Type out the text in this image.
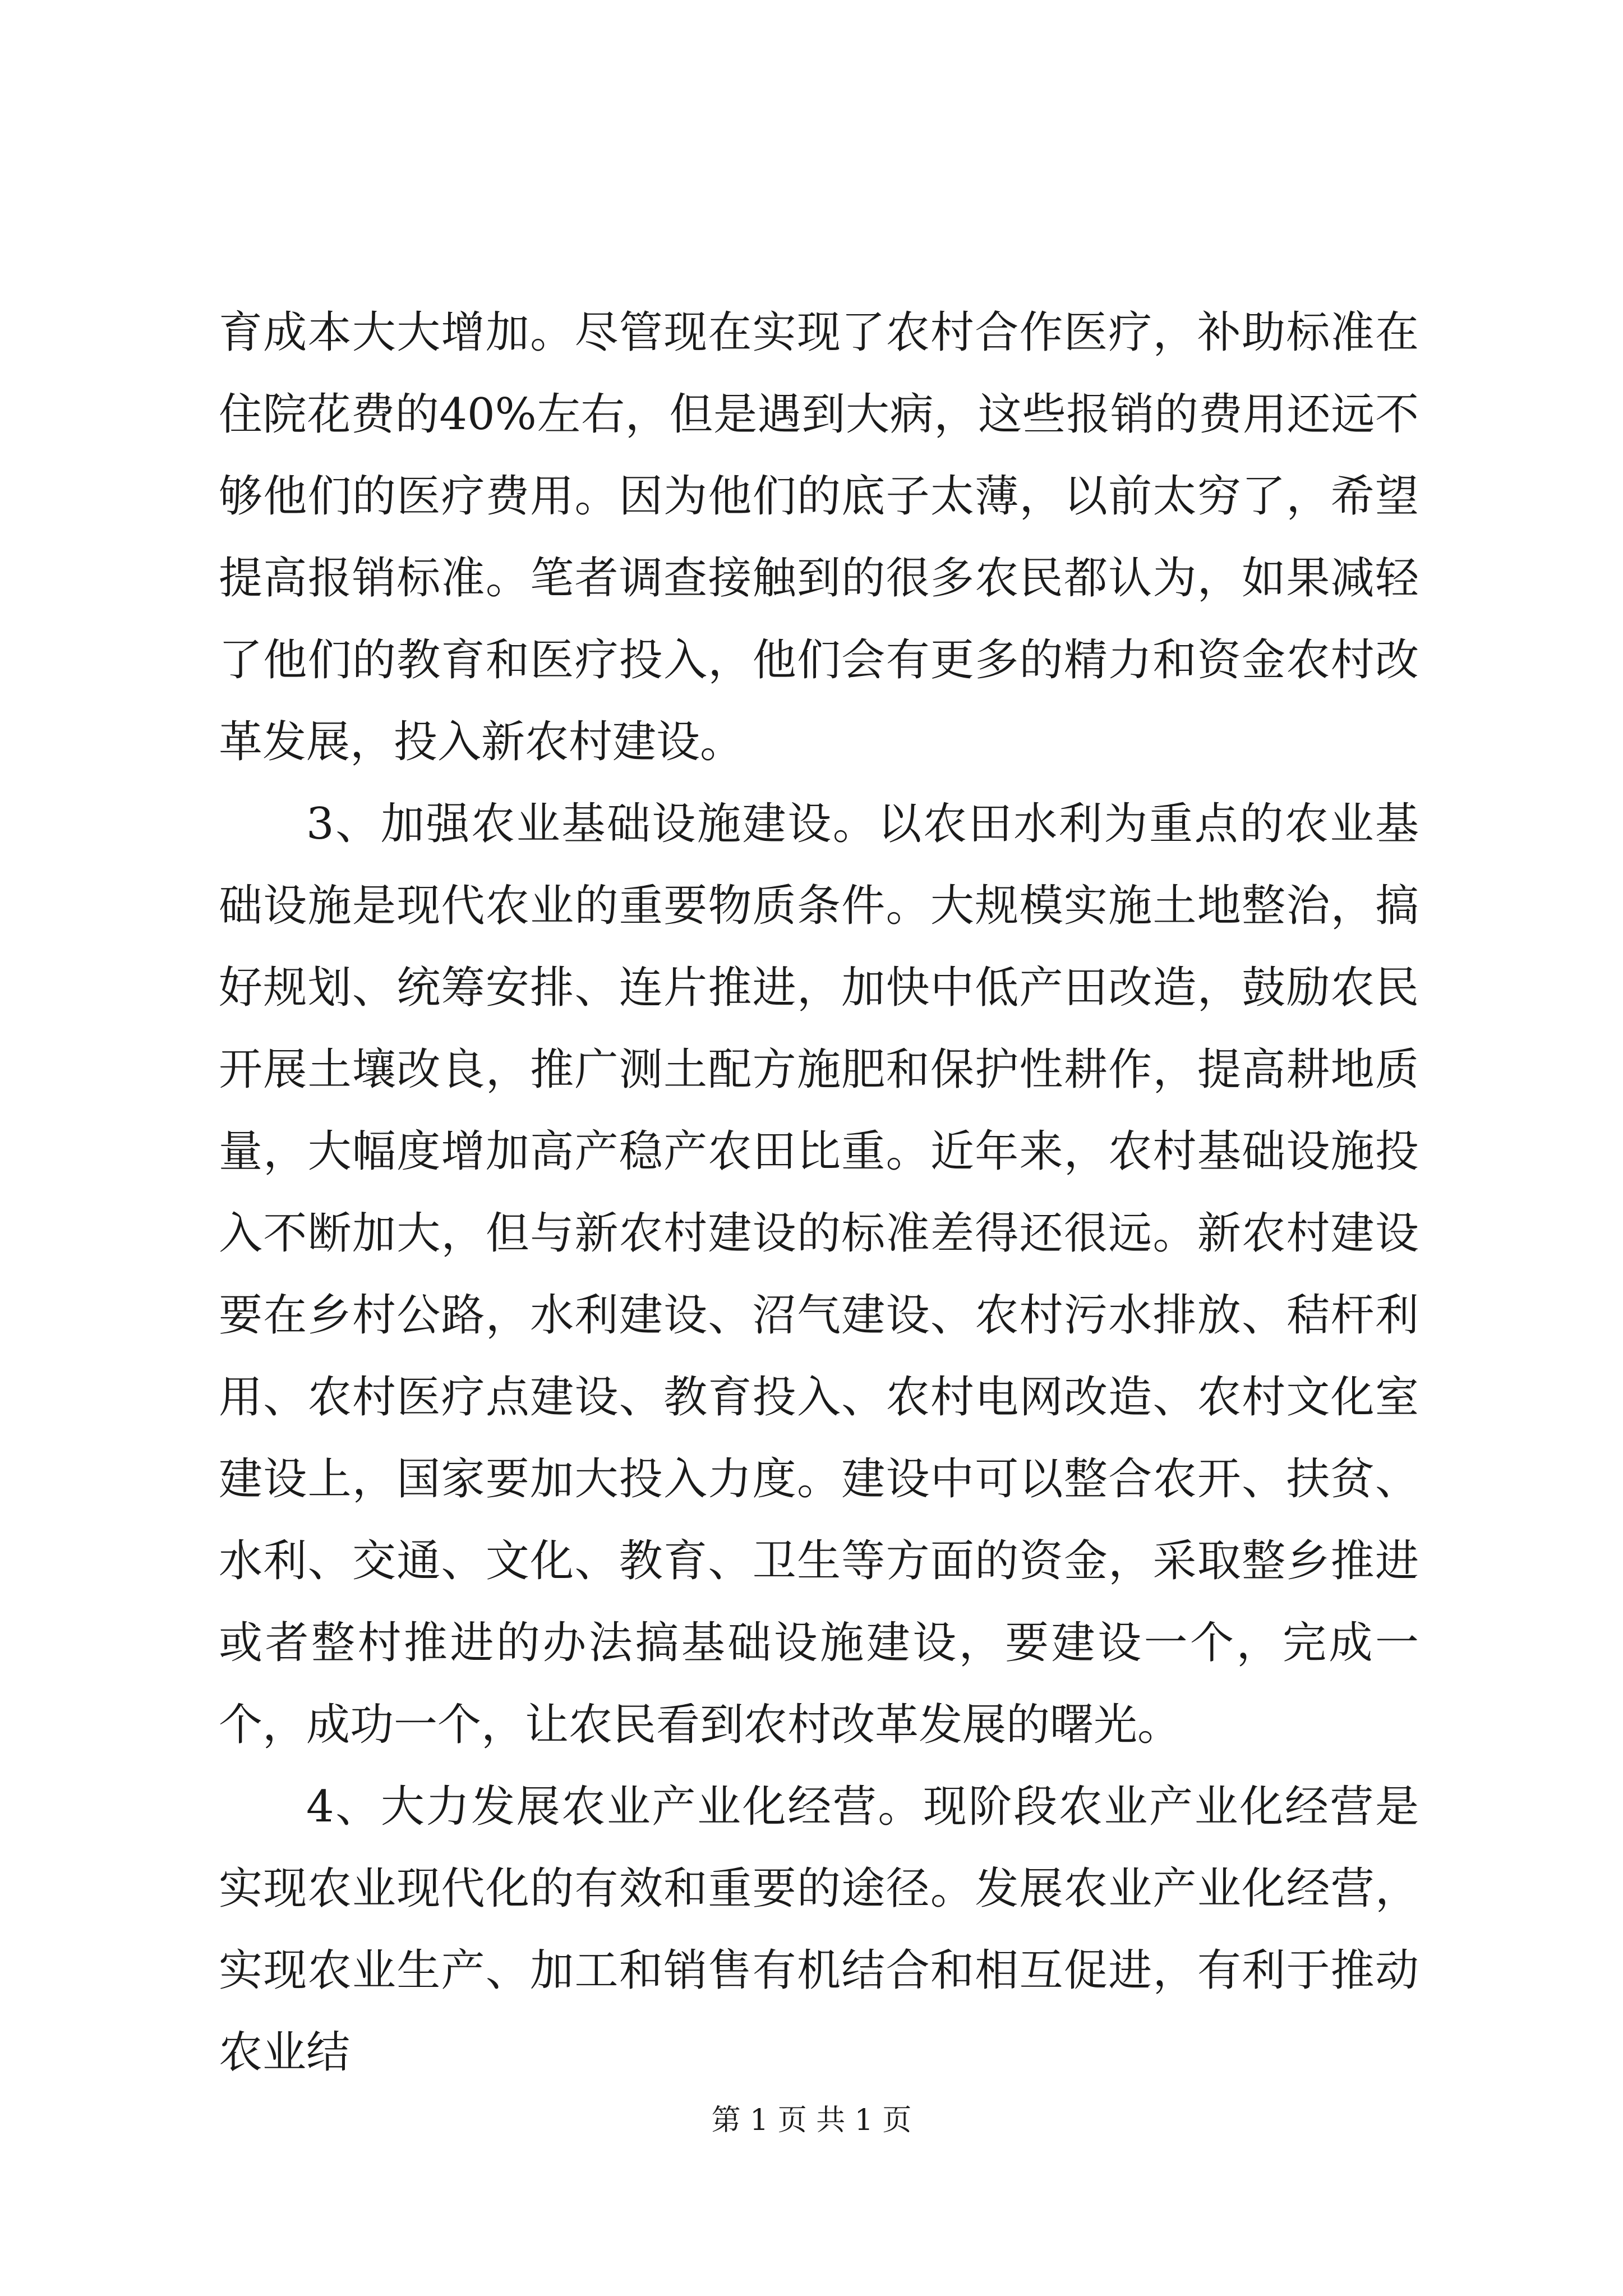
育成本大大增加。尽管现在实现了农村合作医疗，补助标准在住院花费的40%左右，但是遇到大病，这些报销的费用还远不够他们的医疗费用。因为他们的底子太薄，以前太穷了，希望提高报销标准。笔者调查接触到的很多农民都认为，如果减轻了他们的教育和医疗投入，他们会有更多的精力和资金农村改革发展，投入新农村建设。

3、加强农业基础设施建设。以农田水利为重点的农业基础设施是现代农业的重要物质条件。大规模实施土地整治，搞好规划、统筹安排、连片推进，加快中低产田改造，鼓励农民开展土壤改良，推广测土配方施肥和保护性耕作，提高耕地质量，大幅度增加高产稳产农田比重。近年来，农村基础设施投入不断加大，但与新农村建设的标准差得还很远。新农村建设要在乡村公路，水利建设、沼气建设、农村污水排放、秸杆利用、农村医疗点建设、教育投入、农村电网改造、农村文化室建设上，国家要加大投入力度。建设中可以整合农开、扶贫、水利、交通、文化、教育、卫生等方面的资金，采取整乡推进或者整村推进的办法搞基础设施建设，要建设一个，完成一个，成功一个，让农民看到农村改革发展的曙光。

4、大力发展农业产业化经营。现阶段农业产业化经营是实现农业现代化的有效和重要的途径。发展农业产业化经营，实现农业生产、加工和销售有机结合和相互促进，有利于推动农业结

第 1 页 共 1 页
